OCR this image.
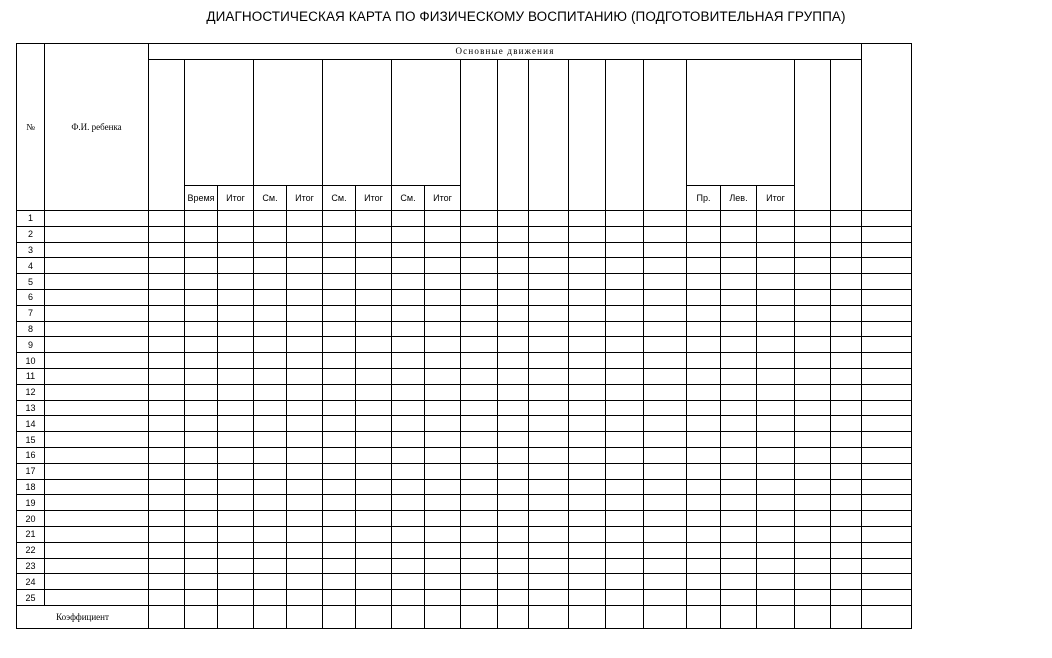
ДИАГНОСТИЧЕСКАЯ КАРТА ПО ФИЗИЧЕСКОМУ ВОСПИТАНИЮ (ПОДГОТОВИТЕЛЬНАЯ ГРУППА)
№	Ф.И. ребенка	Основные движения	

			Время	Итог	См.	Итог	См.	Итог	См.	Итог							Пр.	Лев.	Итог			
1																						
2																						
3																						
4																						
5																						
6																						
7																						
8																						
9																						
10																						
11																						
12																						
13																						
14																						
15																						
16																						
17																						
18																						
19																						
20																						
21																						
22																						
23																						
24																						
25																						
Коэффициент																						
